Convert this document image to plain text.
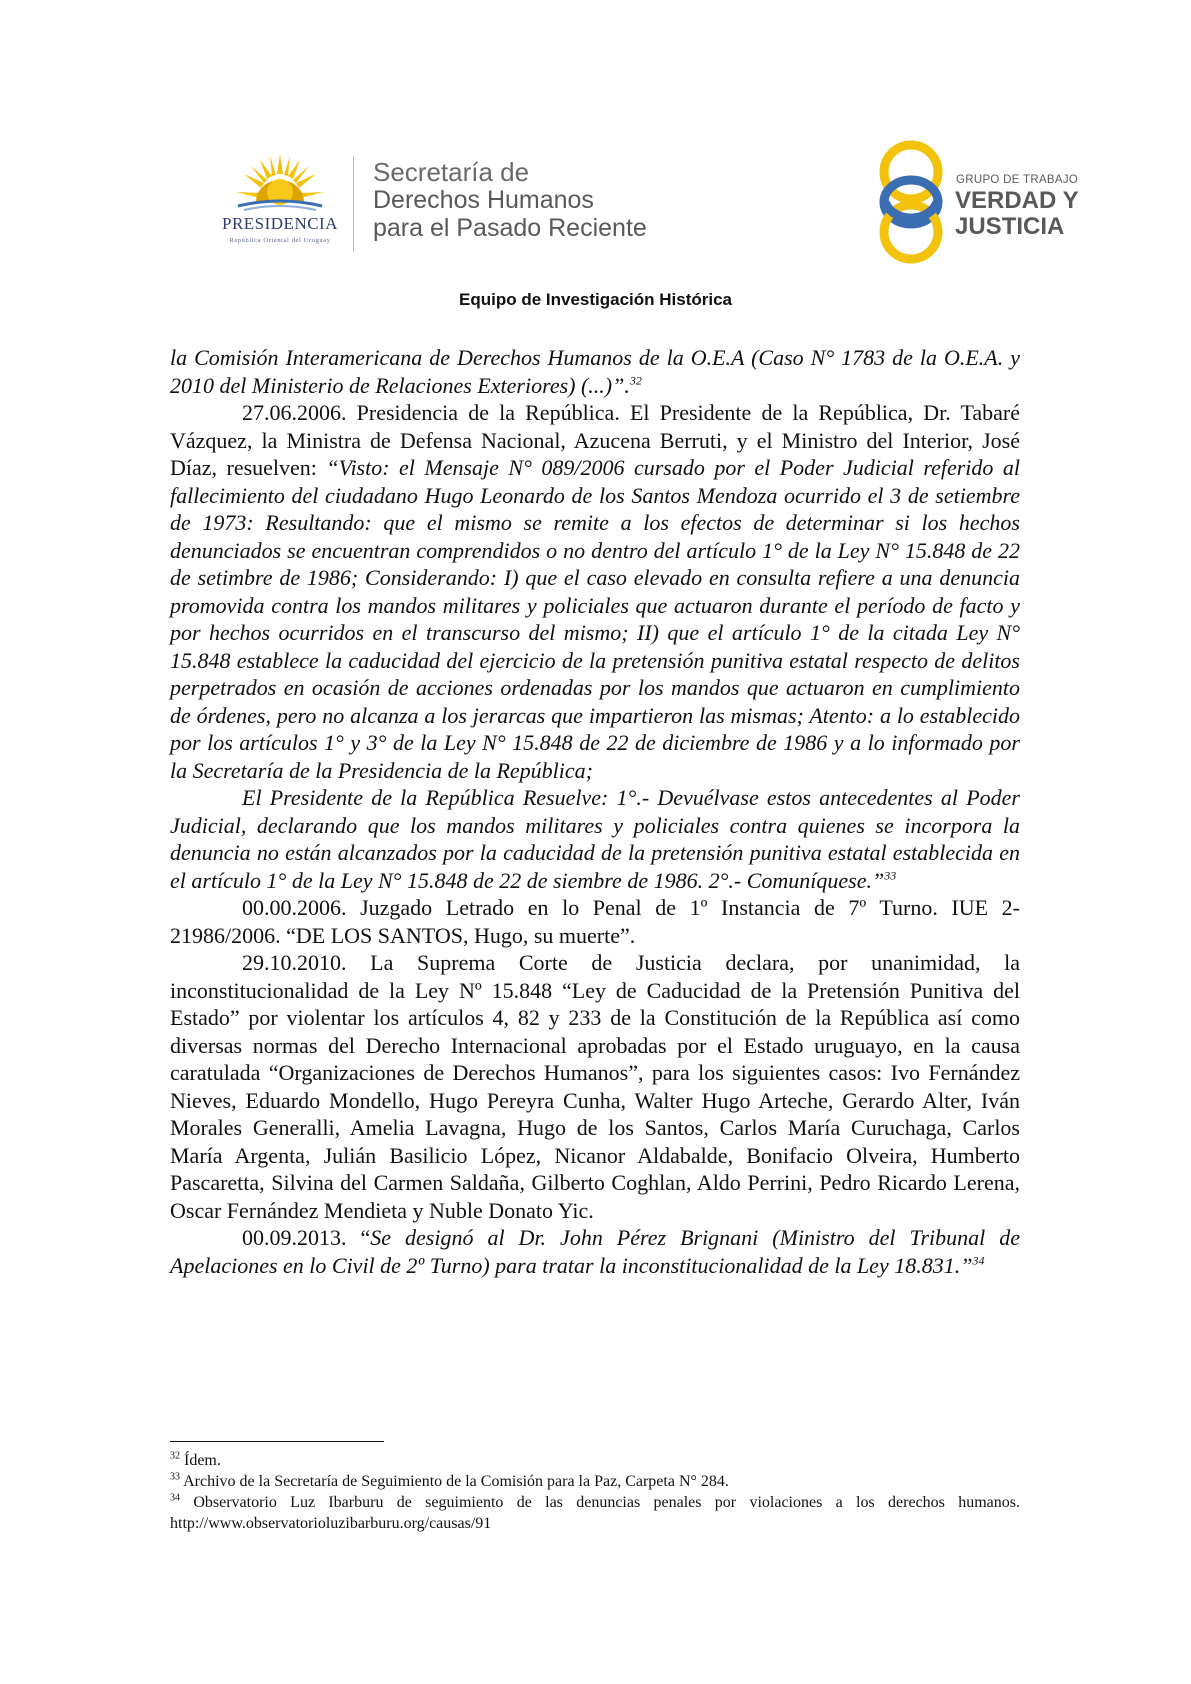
PRESIDENCIA
República Oriental del Uruguay
Secretaría de
Derechos Humanos
para el Pasado Reciente
GRUPO DE TRABAJO
VERDAD Y
JUSTICIA
Equipo de Investigación Histórica

la Comisión Interamericana de Derechos Humanos de la O.E.A (Caso N° 1783 de la O.E.A. y 2010 del Ministerio de Relaciones Exteriores) (...)”.$^{32}$

27.06.2006. Presidencia de la República. El Presidente de la República, Dr. Tabaré Vázquez, la Ministra de Defensa Nacional, Azucena Berruti, y el Ministro del Interior, José Díaz, resuelven: “Visto: el Mensaje N° 089/2006 cursado por el Poder Judicial referido al fallecimiento del ciudadano Hugo Leonardo de los Santos Mendoza ocurrido el 3 de setiembre de 1973: Resultando: que el mismo se remite a los efectos de determinar si los hechos denunciados se encuentran comprendidos o no dentro del artículo 1° de la Ley N° 15.848 de 22 de setimbre de 1986; Considerando: I) que el caso elevado en consulta refiere a una denuncia promovida contra los mandos militares y policiales que actuaron durante el período de facto y por hechos ocurridos en el transcurso del mismo; II) que el artículo 1° de la citada Ley N° 15.848 establece la caducidad del ejercicio de la pretensión punitiva estatal respecto de delitos perpetrados en ocasión de acciones ordenadas por los mandos que actuaron en cumplimiento de órdenes, pero no alcanza a los jerarcas que impartieron las mismas; Atento: a lo establecido por los artículos 1° y 3° de la Ley N° 15.848 de 22 de diciembre de 1986 y a lo informado por la Secretaría de la Presidencia de la República;

El Presidente de la República Resuelve: 1°.- Devuélvase estos antecedentes al Poder Judicial, declarando que los mandos militares y policiales contra quienes se incorpora la denuncia no están alcanzados por la caducidad de la pretensión punitiva estatal establecida en el artículo 1° de la Ley N° 15.848 de 22 de siembre de 1986. 2°.- Comuníquese.”$^{33}$

00.00.2006. Juzgado Letrado en lo Penal de 1º Instancia de 7º Turno. IUE 2-21986/2006. “DE LOS SANTOS, Hugo, su muerte”.

29.10.2010. La Suprema Corte de Justicia declara, por unanimidad, la inconstitucionalidad de la Ley Nº 15.848 “Ley de Caducidad de la Pretensión Punitiva del Estado” por violentar los artículos 4, 82 y 233 de la Constitución de la República así como diversas normas del Derecho Internacional aprobadas por el Estado uruguayo, en la causa caratulada “Organizaciones de Derechos Humanos”, para los siguientes casos: Ivo Fernández Nieves, Eduardo Mondello, Hugo Pereyra Cunha, Walter Hugo Arteche, Gerardo Alter, Iván Morales Generalli, Amelia Lavagna, Hugo de los Santos, Carlos María Curuchaga, Carlos María Argenta, Julián Basilicio López, Nicanor Aldabalde, Bonifacio Olveira, Humberto Pascaretta, Silvina del Carmen Saldaña, Gilberto Coghlan, Aldo Perrini, Pedro Ricardo Lerena, Oscar Fernández Mendieta y Nuble Donato Yic.

00.09.2013. “Se designó al Dr. John Pérez Brignani (Ministro del Tribunal de Apelaciones en lo Civil de 2º Turno) para tratar la inconstitucionalidad de la Ley 18.831.”$^{34}$

$^{32}$ Ídem.

$^{33}$ Archivo de la Secretaría de Seguimiento de la Comisión para la Paz, Carpeta N° 284.

$^{34}$ Observatorio Luz Ibarburu de seguimiento de las denuncias penales por violaciones a los derechos humanos. http://www.observatorioluzibarburu.org/causas/91
